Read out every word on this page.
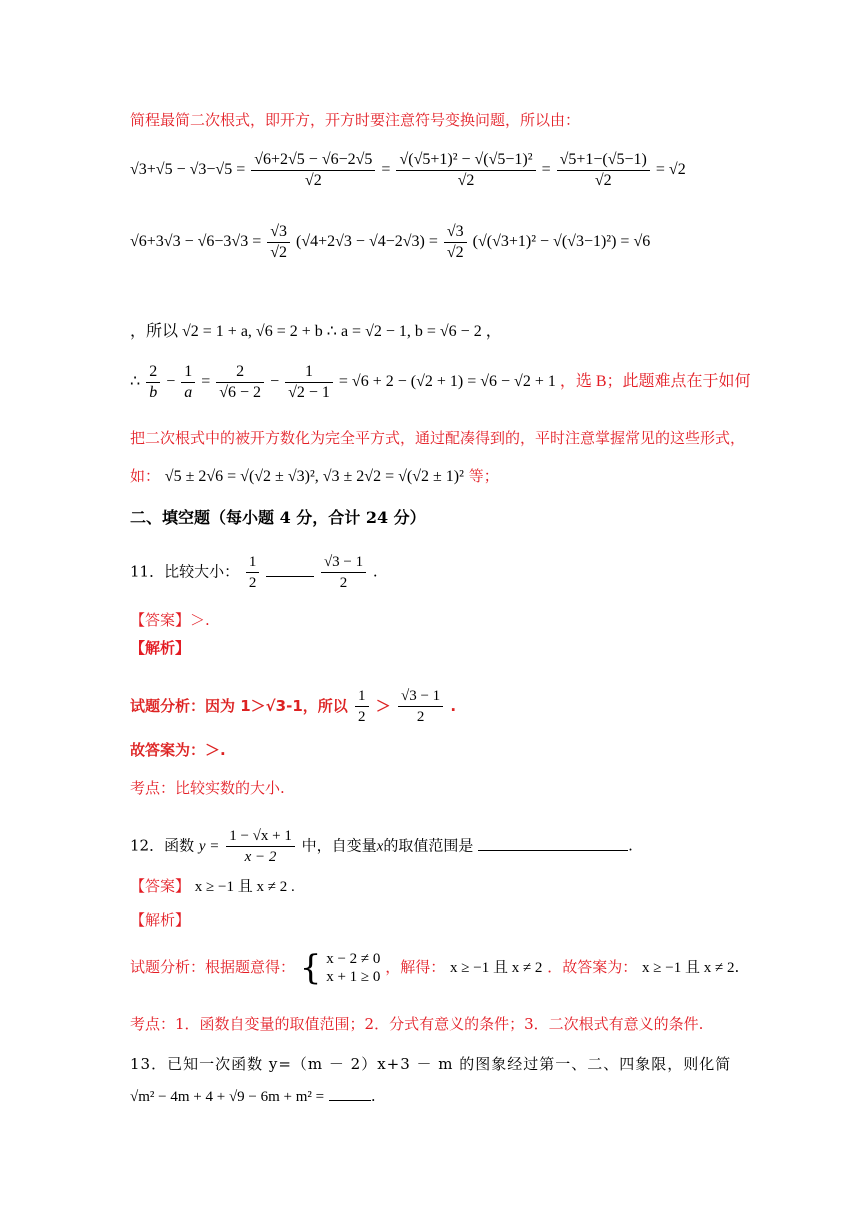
简程最简二次根式，即开方，开方时要注意符号变换问题，所以由：
$√3+√5 - √3-√5 = \frac{√6+2√5 - √6-2√5}{√2} = \frac{\text{√(√5+1)² − √(√5−1)²}}{√2} = \frac{√5+1-(√5-1)}{√2} = √2$
$√6+3√3 - √6-3√3 = \frac{√3}{√2} (√4+2√3 - √4-2√3) = \frac{√3}{√2} (√(√3+1)^2 - √(√3-1)^2) = √6$
，所以 √2 = 1 + a, √6 = 2 + b ∴ a = √2 − 1, b = √6 − 2 ，
∴ $\frac{2}{b} - \frac{1}{a} = \frac{2}{√6 - 2} - \frac{1}{√2 - 1} = √6 + 2 - (√2 + 1) = √6 - √2 + 1$ ，选 B；此题难点在于如何
把二次根式中的被开方数化为完全平方式，通过配凑得到的，平时注意掌握常见的这些形式，
如： √5 ± 2√6 = √(√2 ± √3)², √3 ± 2√2 = √(√2 ± 1)² 等；
二、填空题（每小题 4 分，合计 24 分）
11．比较大小： $\frac{1}{2}$
	$\frac{√3 - 1}{2}$ .
【答案】＞.
【解析】
试题分析：因为 1＞√3-1，所以 $\frac{1}{2} > \frac{√3 - 1}{2}$ .
故答案为：＞.
考点：比较实数的大小.
12．函数 $y = \frac{1 - √x + 1}{x - 2}$ 中，自变量x的取值范围是	.
【答案】 x ≥ −1 且 x ≠ 2 .
【解析】
试题分析：根据题意得： { x − 2 ≠ 0
x + 1 ≥ 0
，解得： x ≥ −1 且 x ≠ 2 ．故答案为： x ≥ −1 且 x ≠ 2.
考点：1．函数自变量的取值范围；2．分式有意义的条件；3．二次根式有意义的条件.
13．已知一次函数 y=（m － 2）x+3 － m 的图象经过第一、二、四象限，则化简
√m² − 4m + 4 + √9 − 6m + m² =	.
